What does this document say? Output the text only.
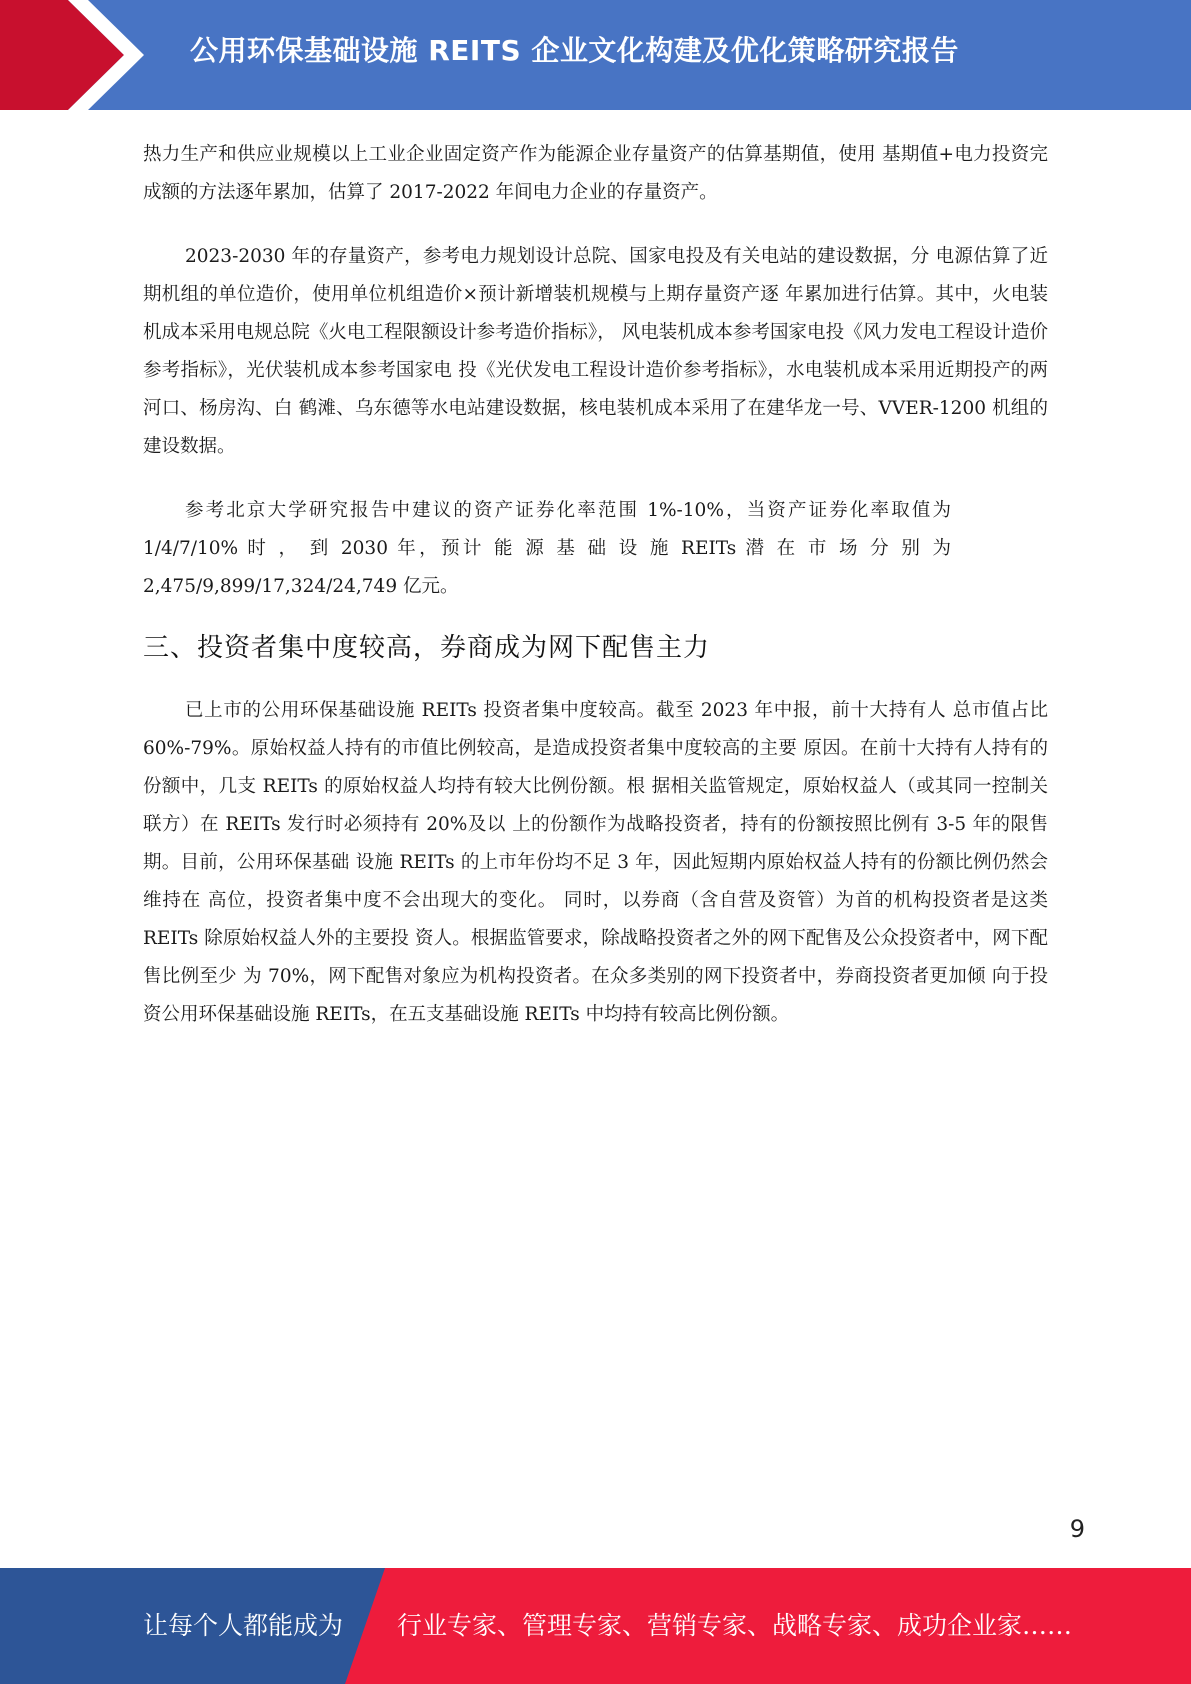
公用环保基础设施 REITS 企业文化构建及优化策略研究报告

热力生产和供应业规模以上工业企业固定资产作为能源企业存量资产的估算基期值，使用 基期值+电力投资完成额的方法逐年累加，估算了 2017-2022 年间电力企业的存量资产。

2023-2030 年的存量资产，参考电力规划设计总院、国家电投及有关电站的建设数据，分 电源估算了近期机组的单位造价，使用单位机组造价×预计新增装机规模与上期存量资产逐 年累加进行估算。其中，火电装机成本采用电规总院《火电工程限额设计参考造价指标》， 风电装机成本参考国家电投《风力发电工程设计造价参考指标》，光伏装机成本参考国家电 投《光伏发电工程设计造价参考指标》，水电装机成本采用近期投产的两河口、杨房沟、白 鹤滩、乌东德等水电站建设数据，核电装机成本采用了在建华龙一号、VVER-1200 机组的 建设数据。

参考北京大学研究报告中建议的资产证券化率范围 1%-10%，当资产证券化率取值为 1/4/7/10% 时 ， 到 2030 年，预计 能 源 基 础 设 施 REITs 潜 在 市 场 分 别 为 2,475/9,899/17,324/24,749 亿元。

三、投资者集中度较高，券商成为网下配售主力

已上市的公用环保基础设施 REITs 投资者集中度较高。截至 2023 年中报，前十大持有人 总市值占比 60%-79%。原始权益人持有的市值比例较高，是造成投资者集中度较高的主要 原因。在前十大持有人持有的份额中，几支 REITs 的原始权益人均持有较大比例份额。根 据相关监管规定，原始权益人（或其同一控制关联方）在 REITs 发行时必须持有 20%及以 上的份额作为战略投资者，持有的份额按照比例有 3-5 年的限售期。目前，公用环保基础 设施 REITs 的上市年份均不足 3 年，因此短期内原始权益人持有的份额比例仍然会维持在 高位，投资者集中度不会出现大的变化。 同时，以券商（含自营及资管）为首的机构投资者是这类 REITs 除原始权益人外的主要投 资人。根据监管要求，除战略投资者之外的网下配售及公众投资者中，网下配售比例至少 为 70%，网下配售对象应为机构投资者。在众多类别的网下投资者中，券商投资者更加倾 向于投资公用环保基础设施 REITs，在五支基础设施 REITs 中均持有较高比例份额。

9
让每个人都能成为 行业专家、管理专家、营销专家、战略专家、成功企业家……
